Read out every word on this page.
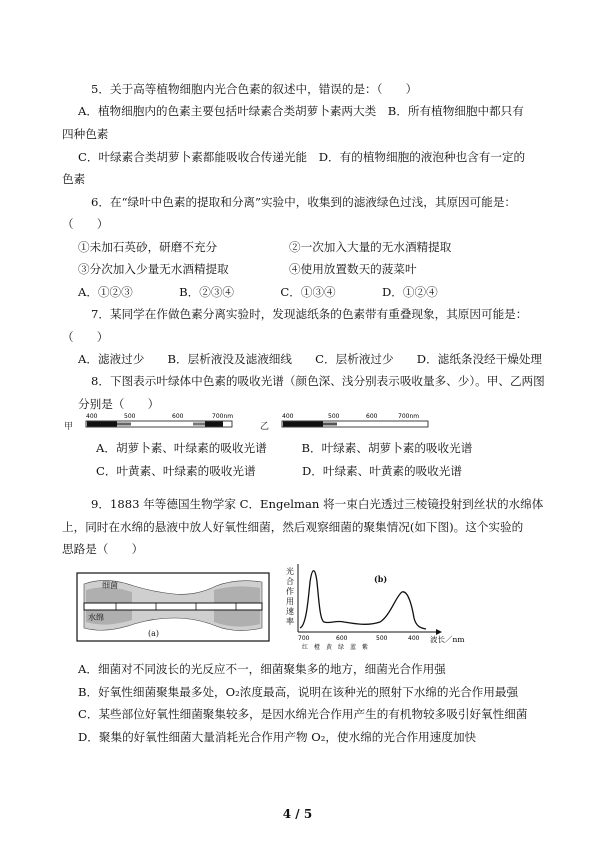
5．关于高等植物细胞内光合色素的叙述中，错误的是：（　　）
A．植物细胞内的色素主要包括叶绿素合类胡萝卜素两大类　B．所有植物细胞中都只有
四种色素
C．叶绿素合类胡萝卜素都能吸收合传递光能　D．有的植物细胞的液泡种也含有一定的
色素
6．在“绿叶中色素的提取和分离”实验中，收集到的滤液绿色过浅，其原因可能是：
（　　）
①未加石英砂，研磨不充分	②一次加入大量的无水酒精提取
③分次加入少量无水酒精提取	④使用放置数天的菠菜叶
A．①②③　　　　B．②③④　　　　C．①③④　　　　D．①②④
7．某同学在作做色素分离实验时，发现滤纸条的色素带有重叠现象，其原因可能是：
（　　）
A．滤液过少　　B．层析液没及滤液细线　　C．层析液过少　　D．滤纸条没经干燥处理
8．下图表示叶绿体中色素的吸收光谱（颜色深、浅分别表示吸收量多、少）。甲、乙两图
分别是（　　）
甲
400	500	600	700nm
乙
400	500	600	700nm
A．胡萝卜素、叶绿素的吸收光谱　　　B．叶绿素、胡萝卜素的吸收光谱
C．叶黄素、叶绿素的吸收光谱　　　　D．叶绿素、叶黄素的吸收光谱
9．1883 年等德国生物学家 C．Engelman 将一束白光透过三棱镜投射到丝状的水绵体
上，同时在水绵的悬液中放人好氧性细菌，然后观察细菌的聚集情况(如下图)。这个实验的
思路是（　　）
细菌
水绵
(a)
光
合
作
用
速
率
(b)
700	600	500	400
红　橙　黄　绿　蓝　紫
波长／nm
A．细菌对不同波长的光反应不一，细菌聚集多的地方，细菌光合作用强
B．好氧性细菌聚集最多处，O₂浓度最高，说明在该种光的照射下水绵的光合作用最强
C．某些部位好氧性细菌聚集较多，是因水绵光合作用产生的有机物较多吸引好氧性细菌
D．聚集的好氧性细菌大量消耗光合作用产物 O₂，使水绵的光合作用速度加快
4 / 5
